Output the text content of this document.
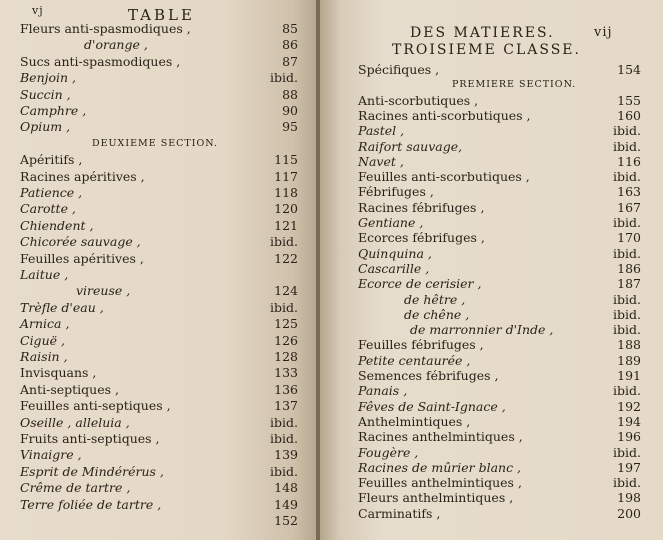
vj	TABLE
Fleurs anti-spasmodiques ,	85
d'orange ,	86
Sucs anti-spasmodiques ,	87
Benjoin ,	ibid.
Succin ,	88
Camphre ,	90
Opium ,	95
DEUXIEME SECTION.
Apéritifs ,	115
Racines apéritives ,	117
Patience ,	118
Carotte ,	120
Chiendent ,	121
Chicorée sauvage ,	ibid.
Feuilles apéritives ,	122
Laitue ,
vireuse ,	124
Trèfle d'eau ,	ibid.
Arnica ,	125
Ciguë ,	126
Raisin ,	128
Invisquans ,	133
Anti-septiques ,	136
Feuilles anti-septiques ,	137
Oseille , alleluia ,	ibid.
Fruits anti-septiques ,	ibid.
Vinaigre ,	139
Esprit de Mindérérus ,	ibid.
Crême de tartre ,	148
Terre foliée de tartre ,	149
152
DES MATIERES.	vij
TROISIEME CLASSE.
Spécifiques ,	154
PREMIERE SECTION.
Anti-scorbutiques ,	155
Racines anti-scorbutiques ,	160
Pastel ,	ibid.
Raifort sauvage,	ibid.
Navet ,	116
Feuilles anti-scorbutiques ,	ibid.
Fébrifuges ,	163
Racines fébrifuges ,	167
Gentiane ,	ibid.
Ecorces fébrifuges ,	170
Quinquina ,	ibid.
Cascarille ,	186
Ecorce de cerisier ,	187
de hêtre ,	ibid.
de chêne ,	ibid.
de marronnier d'Inde ,	ibid.
Feuilles fébrifuges ,	188
Petite centaurée ,	189
Semences fébrifuges ,	191
Panais ,	ibid.
Fêves de Saint-Ignace ,	192
Anthelmintiques ,	194
Racines anthelmintiques ,	196
Fougère ,	ibid.
Racines de mûrier blanc ,	197
Feuilles anthelmintiques ,	ibid.
Fleurs anthelmintiques ,	198
Carminatifs ,	200
